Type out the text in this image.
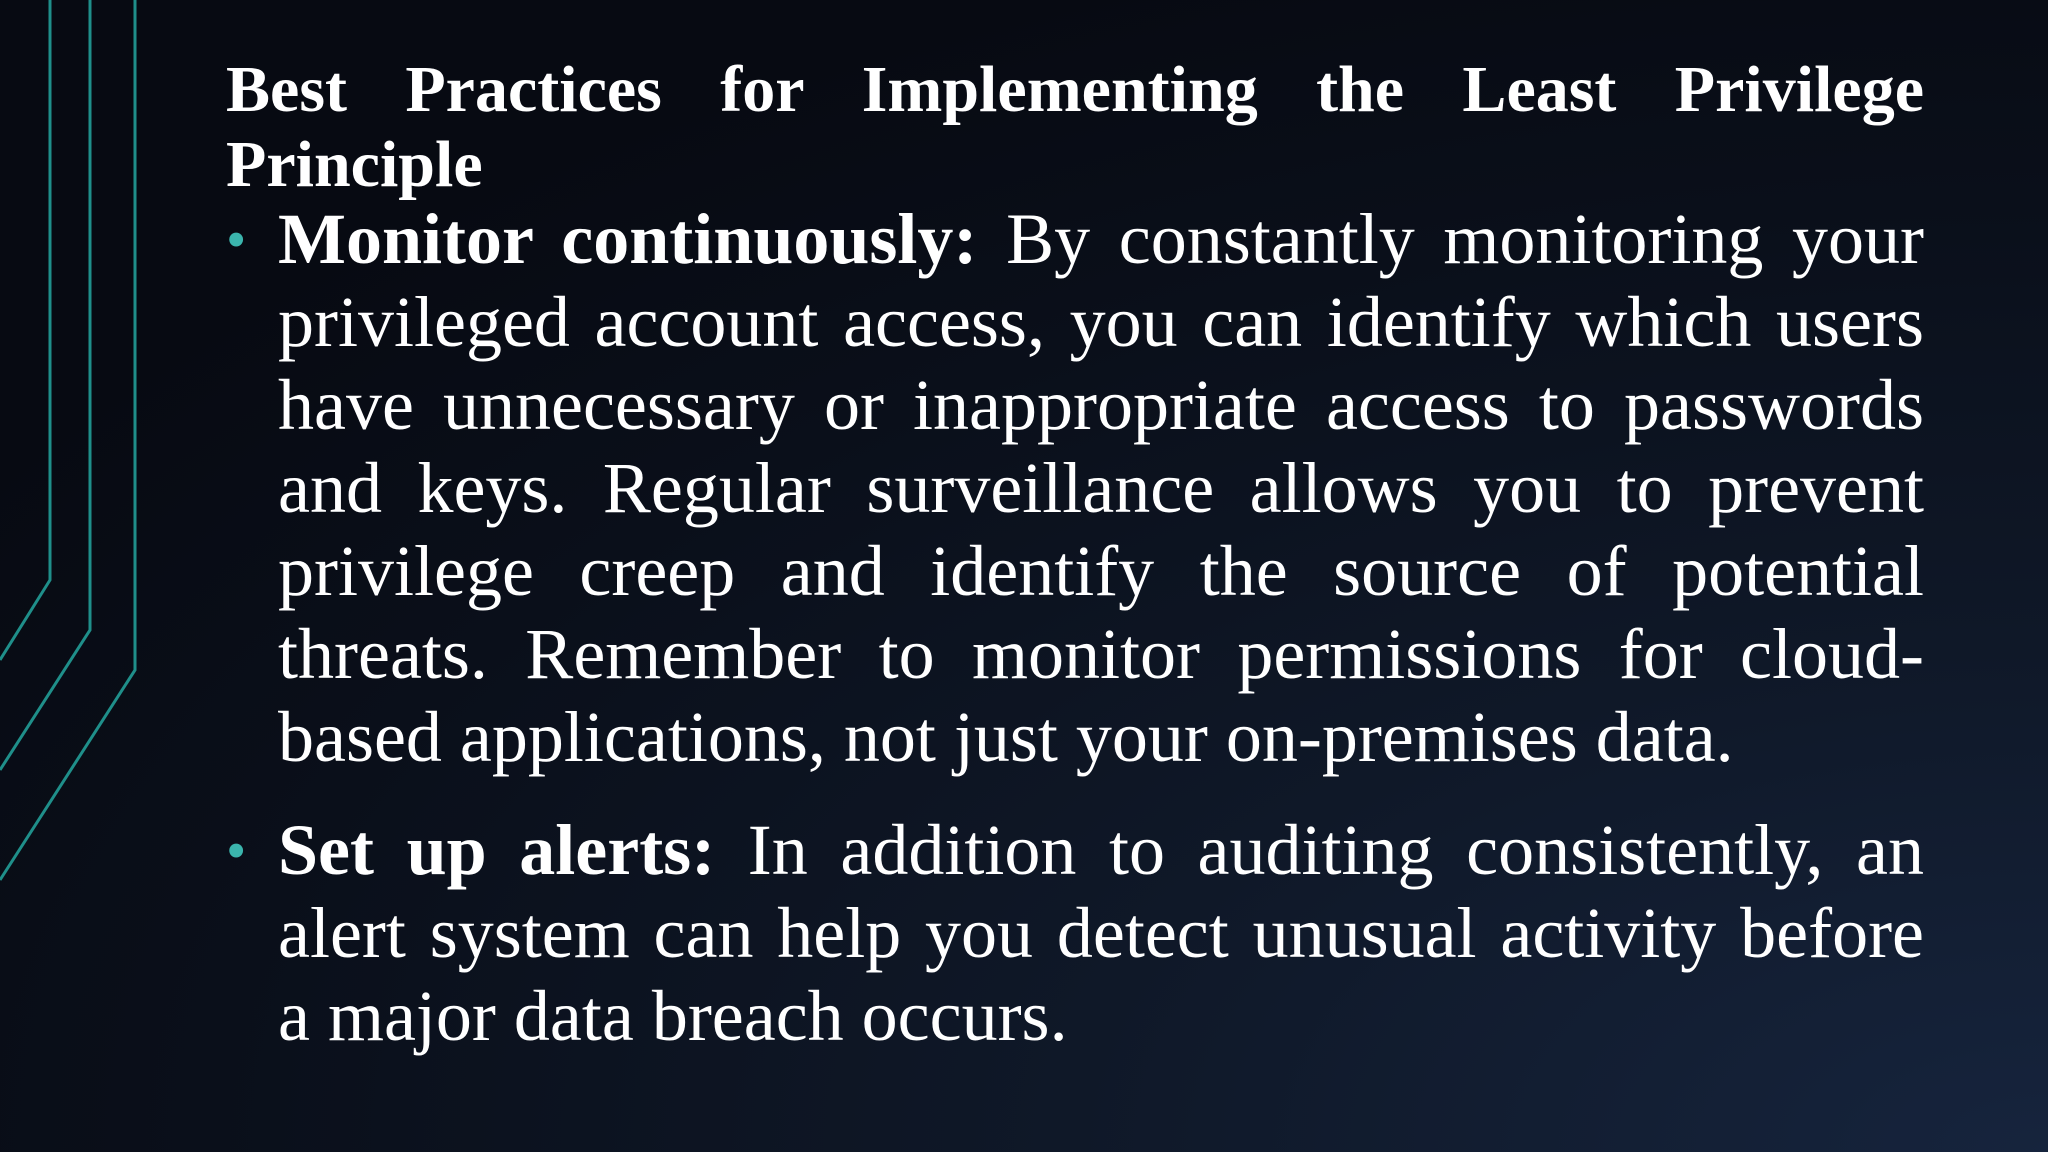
Best Practices for Implementing the Least Privilege Principle
• Monitor continuously: By constantly monitoring your privileged account access, you can identify which users have unnecessary or inappropriate access to passwords and keys. Regular surveillance allows you to prevent privilege creep and identify the source of potential threats. Remember to monitor permissions for cloud-based applications, not just your on-premises data.
• Set up alerts: In addition to auditing consistently, an alert system can help you detect unusual activity before a major data breach occurs.
